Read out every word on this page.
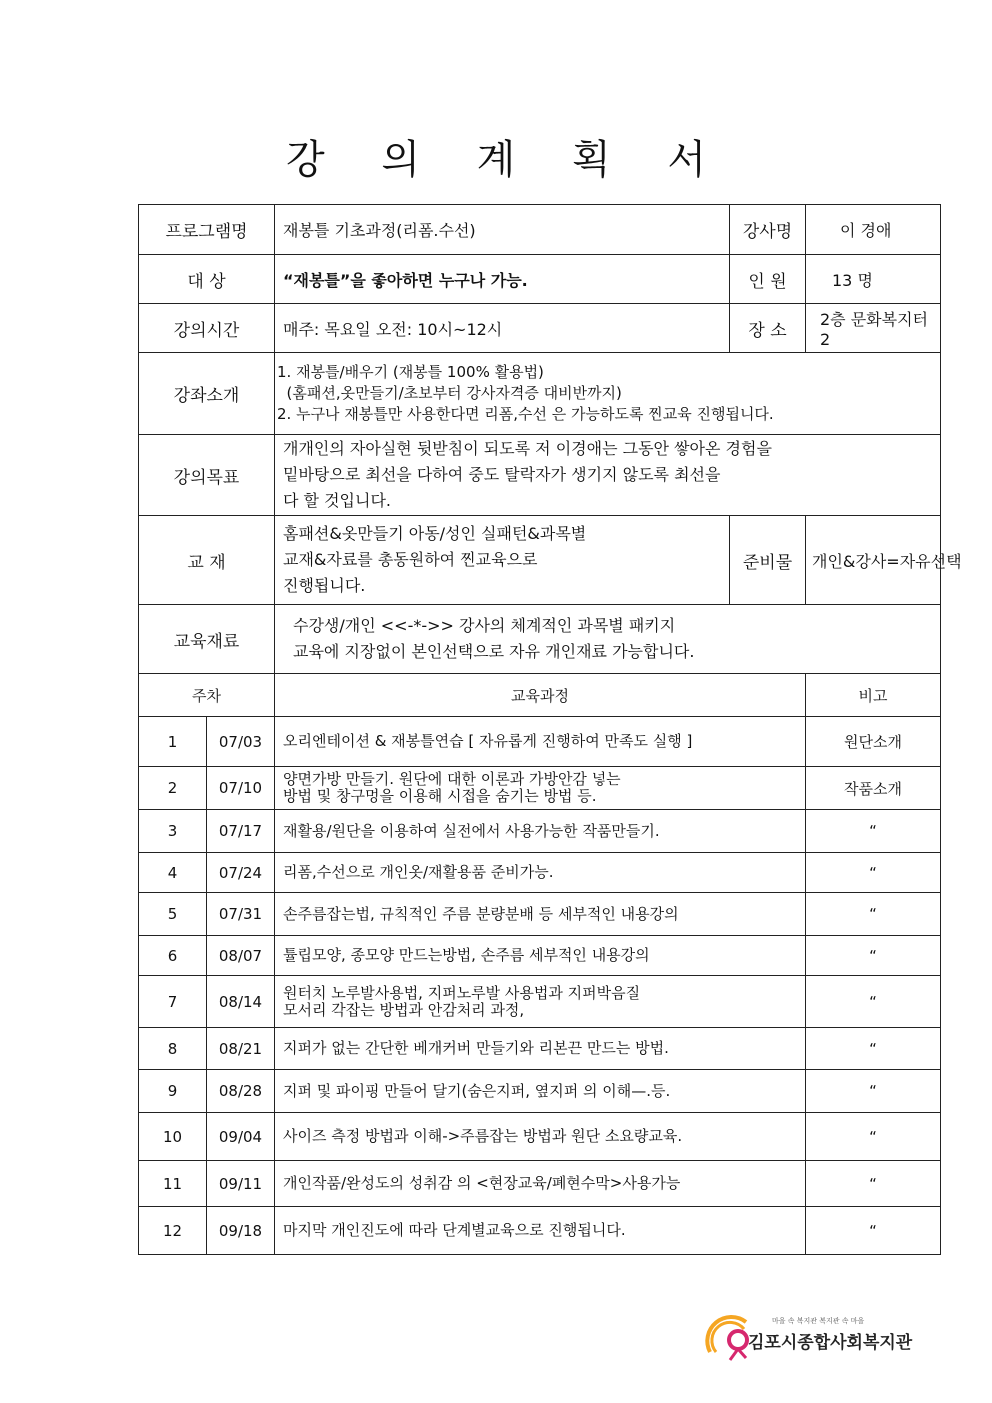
강 의 계 획 서
프로그램명		재봉틀 기초과정(리폼.수선)	강사명	이 경애
대 상		“재봉틀”을 좋아하면 누구나 가능.	인 원	13 명
강의시간		매주: 목요일 오전: 10시~12시	장 소	2층 문화복지터2
강좌소개		1. 재봉틀/배우기 (재봉틀 100% 활용법)
(홈패션,옷만들기/초보부터 강사자격증 대비반까지)
2. 누구나 재봉틀만 사용한다면 리폼,수선 은 가능하도록 찐교육 진행됩니다.		

강의목표		개개인의 자아실현 뒷받침이 되도록 저 이경애는 그동안 쌓아온 경험을
밑바탕으로 최선을 다하여 중도 탈락자가 생기지 않도록 최선을
다 할 것입니다.		

교 재		홈패션&옷만들기 아동/성인 실패턴&과목별
교재&자료를 총동원하여 찐교육으로
진행됩니다.	준비물	개인&강사=자유선택
교육재료		수강생/개인 <<-*->> 강사의 체계적인 과목별 패키지
교육에 지장없이 본인선택으로 자유 개인재료 가능합니다.		

주차		교육과정		비고
1	07/03	오리엔테이션 & 재봉틀연습 [ 자유롭게 진행하여 만족도 실행 ]		원단소개
2	07/10	양면가방 만들기. 원단에 대한 이론과 가방안감 넣는
방법 및 창구멍을 이용해 시접을 숨기는 방법 등.		작품소개
3	07/17	재활용/원단을 이용하여 실전에서 사용가능한 작품만들기.		“
4	07/24	리폼,수선으로 개인옷/재활용품 준비가능.		“
5	07/31	손주름잡는법, 규칙적인 주름 분량분배 등 세부적인 내용강의		“
6	08/07	튤립모양, 종모양 만드는방법, 손주름 세부적인 내용강의		“
7	08/14	원터치 노루발사용법, 지퍼노루발 사용법과 지퍼박음질
모서리 각잡는 방법과 안감처리 과정,		“
8	08/21	지퍼가 없는 간단한 베개커버 만들기와 리본끈 만드는 방법.		“
9	08/28	지퍼 및 파이핑 만들어 달기(숨은지퍼, 옆지퍼 의 이해—.등.		“
10	09/04	사이즈 측정 방법과 이해->주름잡는 방법과 원단 소요량교육.		“
11	09/11	개인작품/완성도의 성취감 의 <현장교육/폐현수막>사용가능		“
12	09/18	마지막 개인진도에 따라 단계별교육으로 진행됩니다.		“
마을 속 복지관 복지관 속 마을
김포시종합사회복지관
